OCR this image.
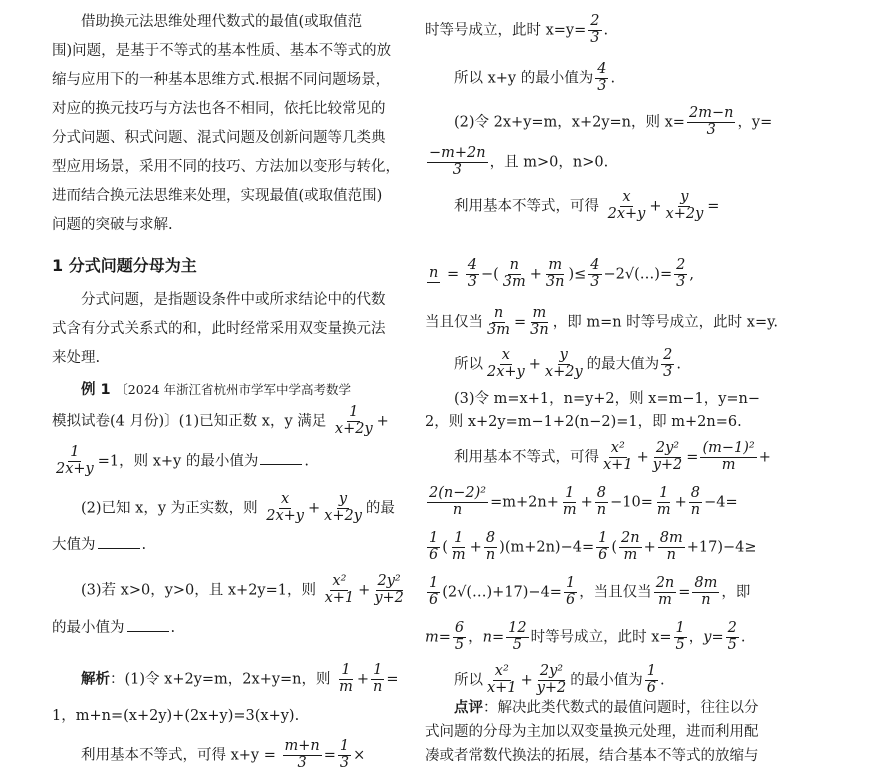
借助换元法思维处理代数式的最值(或取值范
围)问题，是基于不等式的基本性质、基本不等式的放
缩与应用下的一种基本思维方式.根据不同问题场景，
对应的换元技巧与方法也各不相同，依托比较常见的
分式问题、积式问题、混式问题及创新问题等几类典
型应用场景，采用不同的技巧、方法加以变形与转化，
进而结合换元法思维来处理，实现最值(或取值范围)
问题的突破与求解.
1 分式问题分母为主
分式问题，是指题设条件中或所求结论中的代数
式含有分式关系式的和，此时经常采用双变量换元法
来处理.
例 1 〔2024 年浙江省杭州市学军中学高考数学
模拟试卷(4 月份)〕(1)已知正数 x，y 满足 $\frac{1}{x+2y}$ +
$\frac{1}{2x+y} =1$，则 x+y 的最小值为	.
(2)已知 x，y 为正实数，则 $\frac{x}{2x+y} + \frac{y}{x+2y}$ 的最
大值为	.
(3)若 x>0，y>0，且 x+2y=1，则 $\frac{\text{x²}}{x+1} + \frac{\text{2y²}}{y+2}$
的最小值为	.
解析：(1)令 x+2y=m，2x+y=n，则 $\frac{1}{m} + \frac{1}{n}$ =
1，m+n=(x+2y)+(2x+y)=3(x+y).
利用基本不等式，可得 $x+y = \frac{m+n}{3} = \frac{1}{3}$ ×
时等号成立，此时 $x=y= \frac{2}{3}$ .
所以 x+y 的最小值为 $\frac{4}{3}$ .
(2)令 2x+y=m，x+2y=n，则 $x= \frac{2m-n}{3}$ ，y=
$\frac{-m+2n}{3}$ ，且 m>0，n>0.
利用基本不等式，可得 $\frac{x}{2x+y} + \frac{y}{x+2y}$ =
$n = \frac{4}{3}$ −( $\frac{n}{3m} + \frac{m}{3n}$ )≤ $\frac{4}{3}$ −2√(…)= $\frac{2}{3}$ ,
当且仅当 $\frac{n}{3m} = \frac{m}{3n}$ ，即 m=n 时等号成立，此时 x=y.
所以 $\frac{x}{2x+y} + \frac{y}{x+2y}$ 的最大值为 $\frac{2}{3}$ .
(3)令 m=x+1，n=y+2，则 x=m−1，y=n−
2，则 x+2y=m−1+2(n−2)=1，即 m+2n=6.
利用基本不等式，可得 $\frac{\text{x²}}{x+1} + \frac{\text{2y²}}{y+2} = \frac{\text{(m−1)²}}{m}$ +
$\frac{\text{2(n−2)²}}{n} =m+2n+ \frac{1}{m} + \frac{8}{n} -10= \frac{1}{m} + \frac{8}{n} -4=$
$\frac{1}{6}$ ( $\frac{1}{m} + \frac{8}{n} )(m+2n)-4= \frac{1}{6}$ ( $\frac{2n}{m} + \frac{8m}{n} +17)-4\ge$
$\frac{1}{6}$ (2√(…)+17)−4= $\frac{1}{6}$ ，当且仅当 $\frac{2n}{m} = \frac{8m}{n}$ ，即
$m= \frac{6}{5}$ ，$n= \frac{12}{5}$ 时等号成立，此时 $x= \frac{1}{5}$ ，$y= \frac{2}{5}$ .
所以 $\frac{\text{x²}}{x+1} + \frac{\text{2y²}}{y+2}$ 的最小值为 $\frac{1}{6}$ .
点评：解决此类代数式的最值问题时，往往以分
式问题的分母为主加以双变量换元处理，进而利用配
凑或者常数代换法的拓展，结合基本不等式的放缩与
